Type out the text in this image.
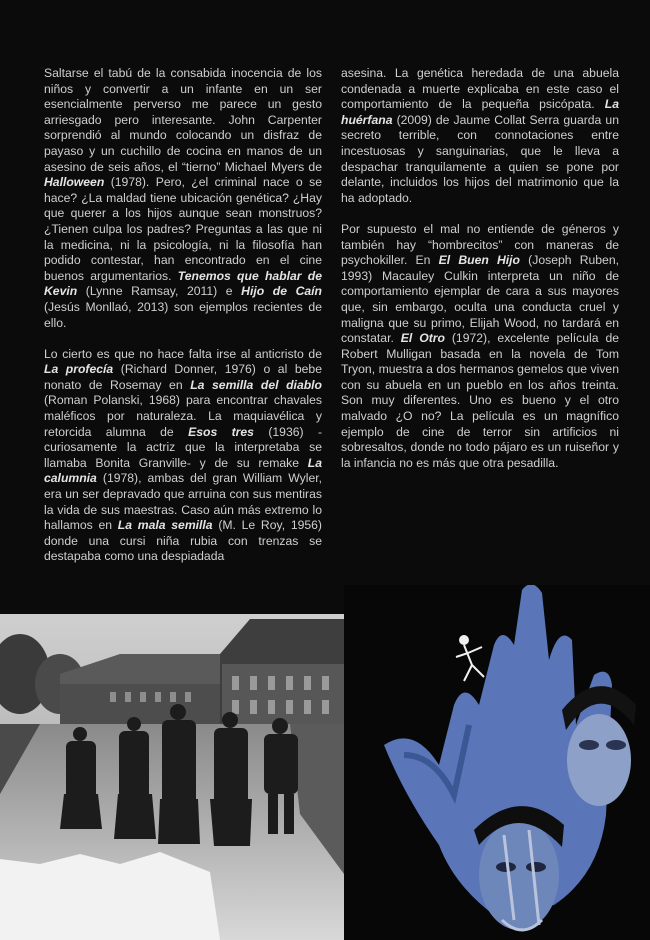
Saltarse el tabú de la consabida inocencia de los niños y convertir a un infante en un ser esencialmente perverso me parece un gesto arriesgado pero interesante. John Carpenter sorprendió al mundo colocando un disfraz de payaso y un cuchillo de cocina en manos de un asesino de seis años, el “tierno” Michael Myers de Halloween (1978). Pero, ¿el criminal nace o se hace? ¿La maldad tiene ubicación genética? ¿Hay que querer a los hijos aunque sean monstruos? ¿Tienen culpa los padres? Preguntas a las que ni la medicina, ni la psicología, ni la filosofía han podido contestar, han encontrado en el cine buenos argumentarios. Tenemos que hablar de Kevin (Lynne Ramsay, 2011) e Hijo de Caín (Jesús Monllaó, 2013) son ejemplos recientes de ello.

Lo cierto es que no hace falta irse al anticristo de La profecía (Richard Donner, 1976) o al bebe nonato de Rosemay en La semilla del diablo (Roman Polanski, 1968) para encontrar chavales maléficos por naturaleza. La maquiavélica y retorcida alumna de Esos tres (1936) -curiosamente la actriz que la interpretaba se llamaba Bonita Granville- y de su remake La calumnia (1978), ambas del gran William Wyler, era un ser depravado que arruina con sus mentiras la vida de sus maestras. Caso aún más extremo lo hallamos en La mala semilla (M. Le Roy, 1956) donde una cursi niña rubia con trenzas se destapaba como una despiadada

asesina. La genética heredada de una abuela condenada a muerte explicaba en este caso el comportamiento de la pequeña psicópata. La huérfana (2009) de Jaume Collat Serra guarda un secreto terrible, con connotaciones entre incestuosas y sanguinarias, que le lleva a despachar tranquilamente a quien se pone por delante, incluidos los hijos del matrimonio que la ha adoptado.

Por supuesto el mal no entiende de géneros y también hay “hombrecitos” con maneras de psychokiller. En El Buen Hijo (Joseph Ruben, 1993) Macauley Culkin interpreta un niño de comportamiento ejemplar de cara a sus mayores que, sin embargo, oculta una conducta cruel y maligna que su primo, Elijah Wood, no tardará en constatar. El Otro (1972), excelente película de Robert Mulligan basada en la novela de Tom Tryon, muestra a dos hermanos gemelos que viven con su abuela en un pueblo en los años treinta. Son muy diferentes. Uno es bueno y el otro malvado ¿O no? La película es un magnífico ejemplo de cine de terror sin artificios ni sobresaltos, donde no todo pájaro es un ruiseñor y la infancia no es más que otra pesadilla.
